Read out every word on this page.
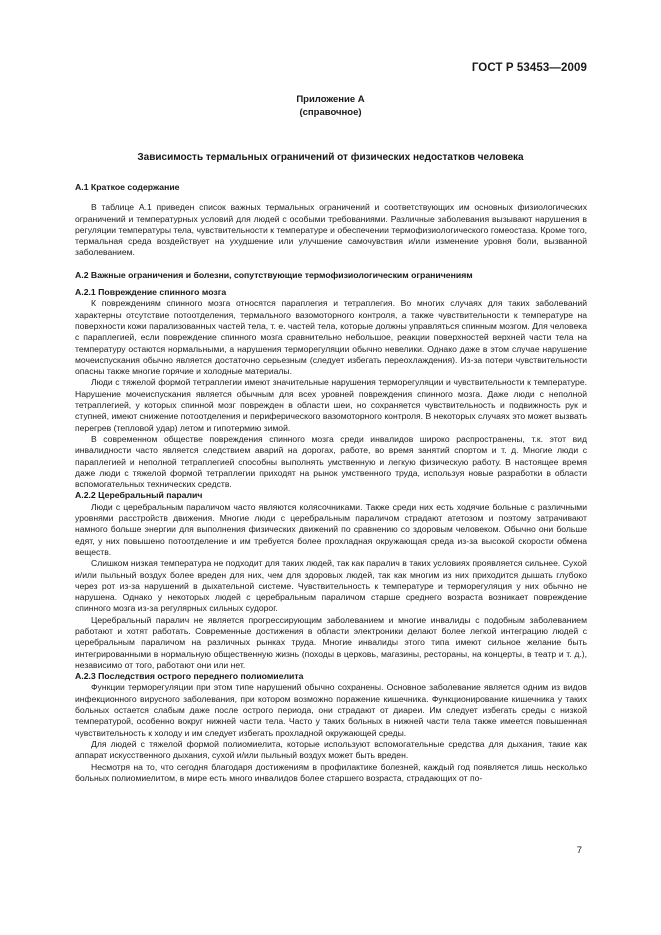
ГОСТ Р 53453—2009
Приложение А
(справочное)
Зависимость термальных ограничений от физических недостатков человека
А.1 Краткое содержание

В таблице А.1 приведен список важных термальных ограничений и соответствующих им основных физиологических ограничений и температурных условий для людей с особыми требованиями. Различные заболевания вызывают нарушения в регуляции температуры тела, чувствительности к температуре и обеспечении термофизиологического гомеостаза. Кроме того, термальная среда воздействует на ухудшение или улучшение самочувствия и/или изменение уровня боли, вызванной заболеванием.

А.2 Важные ограничения и болезни, сопутствующие термофизиологическим ограничениям
А.2.1 Повреждение спинного мозга

К повреждениям спинного мозга относятся параплегия и тетраплегия. Во многих случаях для таких заболеваний характерны отсутствие потоотделения, термального вазомоторного контроля, а также чувствительности к температуре на поверхности кожи парализованных частей тела, т. е. частей тела, которые должны управляться спинным мозгом. Для человека с параплегией, если повреждение спинного мозга сравнительно небольшое, реакции поверхностей верхней части тела на температуру остаются нормальными, а нарушения терморегуляции обычно невелики. Однако даже в этом случае нарушение мочеиспускания обычно является достаточно серьезным (следует избегать переохлаждения). Из-за потери чувствительности опасны также многие горячие и холодные материалы.

Люди с тяжелой формой тетраплегии имеют значительные нарушения терморегуляции и чувствительности к температуре. Нарушение мочеиспускания является обычным для всех уровней повреждения спинного мозга. Даже люди с неполной тетраплегией, у которых спинной мозг поврежден в области шеи, но сохраняется чувствительность и подвижность рук и ступней, имеют снижение потоотделения и периферического вазомоторного контроля. В некоторых случаях это может вызвать перегрев (тепловой удар) летом и гипотермию зимой.

В современном обществе повреждения спинного мозга среди инвалидов широко распространены, т.к. этот вид инвалидности часто является следствием аварий на дорогах, работе, во время занятий спортом и т. д. Многие люди с параплегией и неполной тетраплегией способны выполнять умственную и легкую физическую работу. В настоящее время даже люди с тяжелой формой тетраплегии приходят на рынок умственного труда, используя новые разработки в области вспомогательных технических средств.

А.2.2 Церебральный паралич

Люди с церебральным параличом часто являются колясочниками. Также среди них есть ходячие больные с различными уровнями расстройств движения. Многие люди с церебральным параличом страдают атетозом и поэтому затрачивают намного больше энергии для выполнения физических движений по сравнению со здоровым человеком. Обычно они больше едят, у них повышено потоотделение и им требуется более прохладная окружающая среда из-за высокой скорости обмена веществ.

Слишком низкая температура не подходит для таких людей, так как паралич в таких условиях проявляется сильнее. Сухой и/или пыльный воздух более вреден для них, чем для здоровых людей, так как многим из них приходится дышать глубоко через рот из-за нарушений в дыхательной системе. Чувствительность к температуре и терморегуляция у них обычно не нарушена. Однако у некоторых людей с церебральным параличом старше среднего возраста возникает повреждение спинного мозга из-за регулярных сильных судорог.

Церебральный паралич не является прогрессирующим заболеванием и многие инвалиды с подобным заболеванием работают и хотят работать. Современные достижения в области электроники делают более легкой интеграцию людей с церебральным параличом на различных рынках труда. Многие инвалиды этого типа имеют сильное желание быть интегрированными в нормальную общественную жизнь (походы в церковь, магазины, рестораны, на концерты, в театр и т. д.), независимо от того, работают они или нет.

А.2.3 Последствия острого переднего полиомиелита

Функции терморегуляции при этом типе нарушений обычно сохранены. Основное заболевание является одним из видов инфекционного вирусного заболевания, при котором возможно поражение кишечника. Функционирование кишечника у таких больных остается слабым даже после острого периода, они страдают от диареи. Им следует избегать среды с низкой температурой, особенно вокруг нижней части тела. Часто у таких больных в нижней части тела также имеется повышенная чувствительность к холоду и им следует избегать прохладной окружающей среды.

Для людей с тяжелой формой полиомиелита, которые используют вспомогательные средства для дыхания, такие как аппарат искусственного дыхания, сухой и/или пыльный воздух может быть вреден.

Несмотря на то, что сегодня благодаря достижениям в профилактике болезней, каждый год появляется лишь несколько больных полиомиелитом, в мире есть много инвалидов более старшего возраста, страдающих от по-

7
